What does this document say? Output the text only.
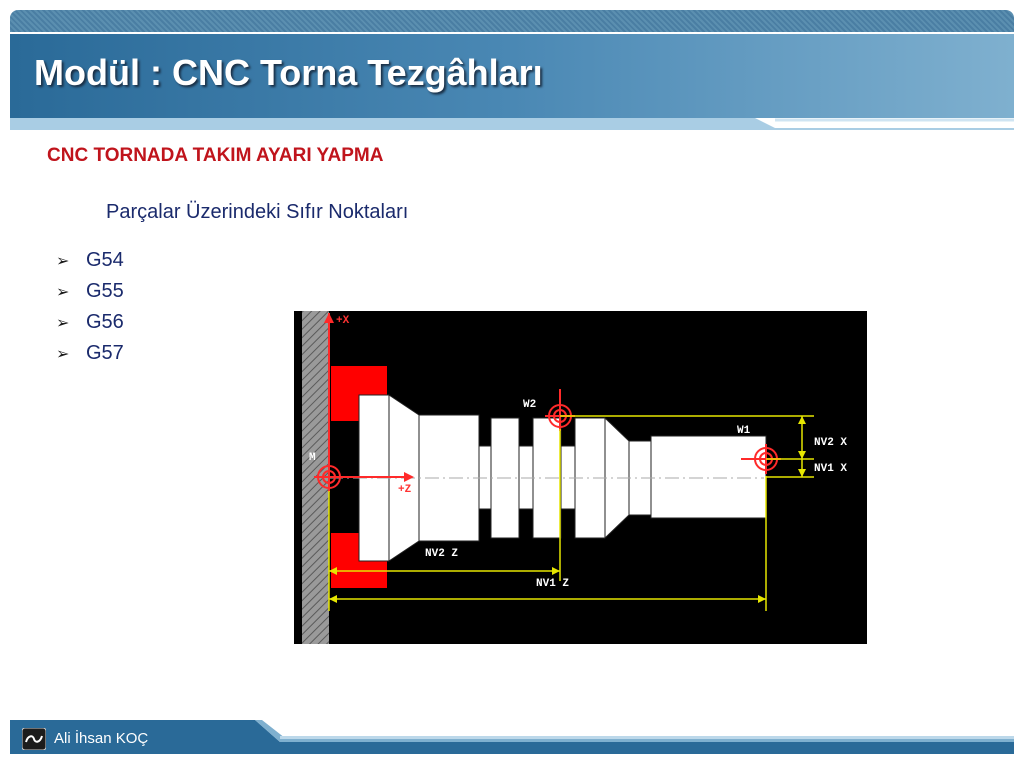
Modül : CNC Torna Tezgâhları
CNC TORNADA TAKIM AYARI YAPMA
Parçalar Üzerindeki Sıfır Noktaları
➢ G54
➢ G55
➢ G56
➢ G57
+X
+Z
M
W2
W1
NV2 X
NV1 X
NV2 Z
NV1 Z
Ali İhsan KOÇ
